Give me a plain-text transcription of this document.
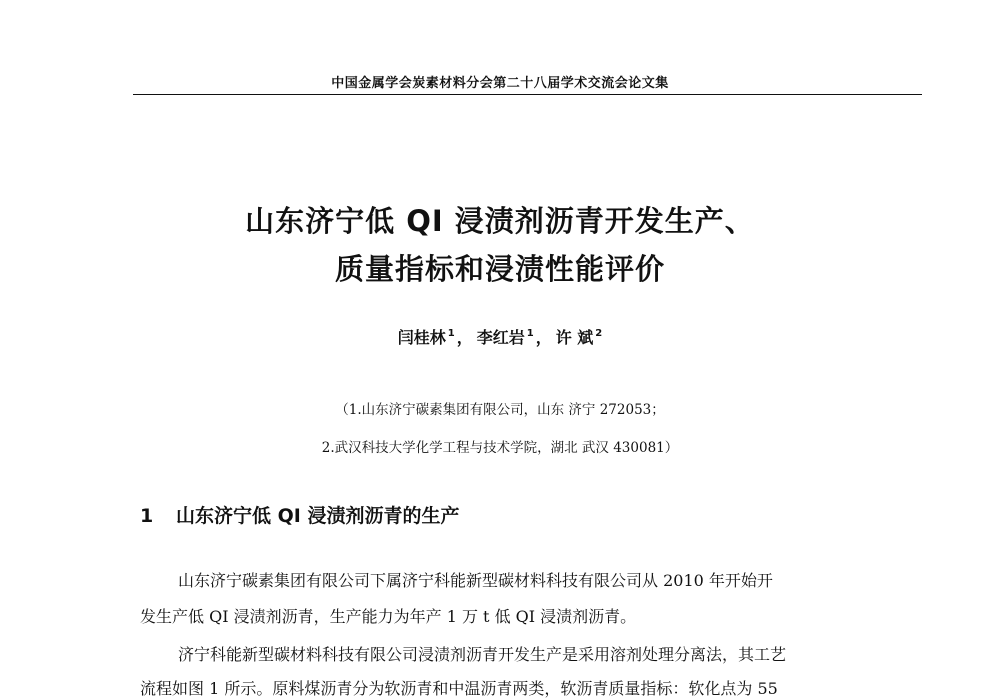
中国金属学会炭素材料分会第二十八届学术交流会论文集
山东济宁低 QI 浸渍剂沥青开发生产、
质量指标和浸渍性能评价
闫桂林 $^1$ ， 李红岩 $^1$ ， 许 斌 $^2$
（1.山东济宁碳素集团有限公司，山东 济宁 272053；
2.武汉科技大学化学工程与技术学院，湖北 武汉 430081）
1 山东济宁低 QI 浸渍剂沥青的生产
山东济宁碳素集团有限公司下属济宁科能新型碳材料科技有限公司从 2010 年开始开
发生产低 QI 浸渍剂沥青，生产能力为年产 1 万 t 低 QI 浸渍剂沥青。
济宁科能新型碳材料科技有限公司浸渍剂沥青开发生产是采用溶剂处理分离法，其工艺
流程如图 1 所示。原料煤沥青分为软沥青和中温沥青两类，软沥青质量指标：软化点为 55
